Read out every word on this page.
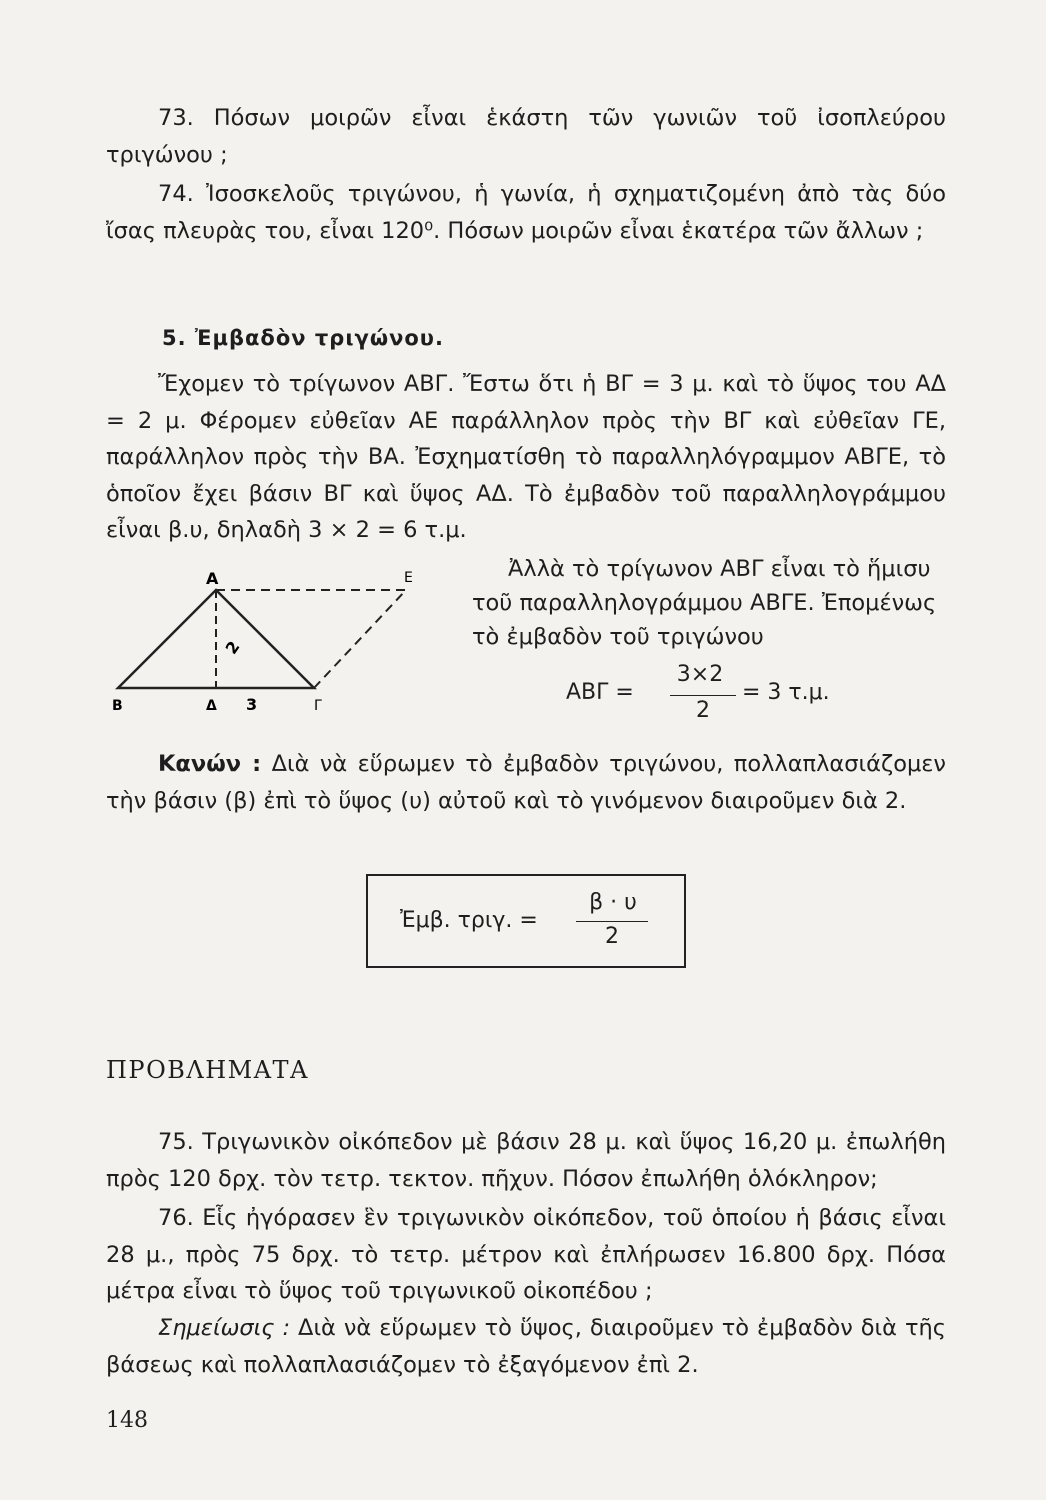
73. Πόσων μοιρῶν εἶναι ἑκάστη τῶν γωνιῶν τοῦ ἰσοπλεύρου τριγώνου ;

74. Ἰσοσκελοῦς τριγώνου, ἡ γωνία, ἡ σχηματιζομένη ἀπὸ τὰς δύο ἴσας πλευρὰς του, εἶναι 120⁰. Πόσων μοιρῶν εἶναι ἑκατέρα τῶν ἄλλων ;

5. Ἐμβαδὸν τριγώνου.

Ἔχομεν τὸ τρίγωνον ΑΒΓ. Ἔστω ὅτι ἡ ΒΓ = 3 μ. καὶ τὸ ὕψος του ΑΔ = 2 μ. Φέρομεν εὐθεῖαν ΑΕ παράλληλον πρὸς τὴν ΒΓ καὶ εὐθεῖαν ΓΕ, παράλληλον πρὸς τὴν ΒΑ. Ἐσχηματίσθη τὸ παραλληλόγραμμον ΑΒΓΕ, τὸ ὁποῖον ἔχει βάσιν ΒΓ καὶ ὕψος ΑΔ. Τὸ ἐμβαδὸν τοῦ παραλληλογράμμου εἶναι β.υ, δηλαδὴ 3 × 2 = 6 τ.μ.

Α	Ε
Β	Δ 3	Γ
2

Ἀλλὰ τὸ τρίγωνον ΑΒΓ εἶναι τὸ ἥμισυ τοῦ παραλληλογράμμου ΑΒΓΕ. Ἐπομένως τὸ ἐμβαδὸν τοῦ τριγώνου

ΑΒΓ =
3×2
2
= 3 τ.μ.

Κανών : Διὰ νὰ εὕρωμεν τὸ ἐμβαδὸν τριγώνου, πολλαπλασιάζομεν τὴν βάσιν (β) ἐπὶ τὸ ὕψος (υ) αὐτοῦ καὶ τὸ γινόμενον διαιροῦμεν διὰ 2.

Ἐμβ. τριγ. =
β · υ
2

ΠΡΟΒΛΗΜΑΤΑ

75. Τριγωνικὸν οἰκόπεδον μὲ βάσιν 28 μ. καὶ ὕψος 16,20 μ. ἐπωλήθη πρὸς 120 δρχ. τὸν τετρ. τεκτον. πῆχυν. Πόσον ἐπωλήθη ὁλόκληρον;

76. Εἷς ἠγόρασεν ἓν τριγωνικὸν οἰκόπεδον, τοῦ ὁποίου ἡ βάσις εἶναι 28 μ., πρὸς 75 δρχ. τὸ τετρ. μέτρον καὶ ἐπλήρωσεν 16.800 δρχ. Πόσα μέτρα εἶναι τὸ ὕψος τοῦ τριγωνικοῦ οἰκοπέδου ;

Σημείωσις : Διὰ νὰ εὕρωμεν τὸ ὕψος, διαιροῦμεν τὸ ἐμβαδὸν διὰ τῆς βάσεως καὶ πολλαπλασιάζομεν τὸ ἐξαγόμενον ἐπὶ 2.

148
